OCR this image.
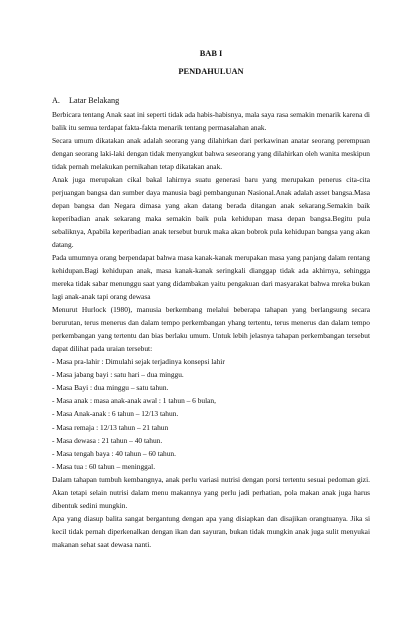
BAB I
PENDAHULUAN
A. Latar Belakang

Berbicara tentang Anak saat ini seperti tidak ada habis-habisnya, mala saya rasa semakin menarik karena di balik itu semua terdapat fakta-fakta menarik tentang permasalahan anak.

Secara umum dikatakan anak adalah seorang yang dilahirkan dari perkawinan anatar seorang perempuan dengan seorang laki-laki dengan tidak menyangkut bahwa seseorang yang dilahirkan oleh wanita meskipun tidak pernah melakukan pernikahan tetap dikatakan anak.

Anak juga merupakan cikal bakal lahirnya suatu generasi baru yang merupakan penerus cita-cita perjuangan bangsa dan sumber daya manusia bagi pembangunan Nasional.Anak adalah asset bangsa.Masa depan bangsa dan Negara dimasa yang akan datang berada ditangan anak sekarang.Semakin baik keperibadian anak sekarang maka semakin baik pula kehidupan masa depan bangsa.Begitu pula sebaliknya, Apabila keperibadian anak tersebut buruk maka akan bobrok pula kehidupan bangsa yang akan datang.

Pada umumnya orang berpendapat bahwa masa kanak-kanak merupakan masa yang panjang dalam rentang kehidupan.Bagi kehidupan anak, masa kanak-kanak seringkali dianggap tidak ada akhirnya, sehingga mereka tidak sabar menunggu saat yang didambakan yaitu pengakuan dari masyarakat bahwa mreka bukan lagi anak-anak tapi orang dewasa

Menurut Hurlock (1980), manusia berkembang melalui beberapa tahapan yang berlangsung secara berurutan, terus menerus dan dalam tempo perkembangan yhang tertentu, terus menerus dan dalam tempo perkembangan yang tertentu dan bias berlaku umum. Untuk lebih jelasnya tahapan perkembangan tersebut dapat dilihat pada uraian tersebut:

- Masa pra-lahir : Dimulahi sejak terjadinya konsepsi lahir

- Masa jabang bayi : satu hari – dua minggu.

- Masa Bayi : dua minggu – satu tahun.

- Masa anak : masa anak-anak awal : 1 tahun – 6 bulan,

- Masa Anak-anak : 6 tahun – 12/13 tahun.

- Masa remaja : 12/13 tahun – 21 tahun

- Masa dewasa : 21 tahun – 40 tahun.

- Masa tengah baya : 40 tahun – 60 tahun.

- Masa tua : 60 tahun – meninggal.

Dalam tahapan tumbuh kembangnya, anak perlu variasi nutrisi dengan porsi tertentu sesuai pedoman gizi. Akan tetapi selain nutrisi dalam menu makannya yang perlu jadi perhatian, pola makan anak juga harus dibentuk sedini mungkin.

Apa yang diasup balita sangat bergantung dengan apa yang disiapkan dan disajikan orangtuanya. Jika si kecil tidak pernah diperkenalkan dengan ikan dan sayuran, bukan tidak mungkin anak juga sulit menyukai makanan sehat saat dewasa nanti.
